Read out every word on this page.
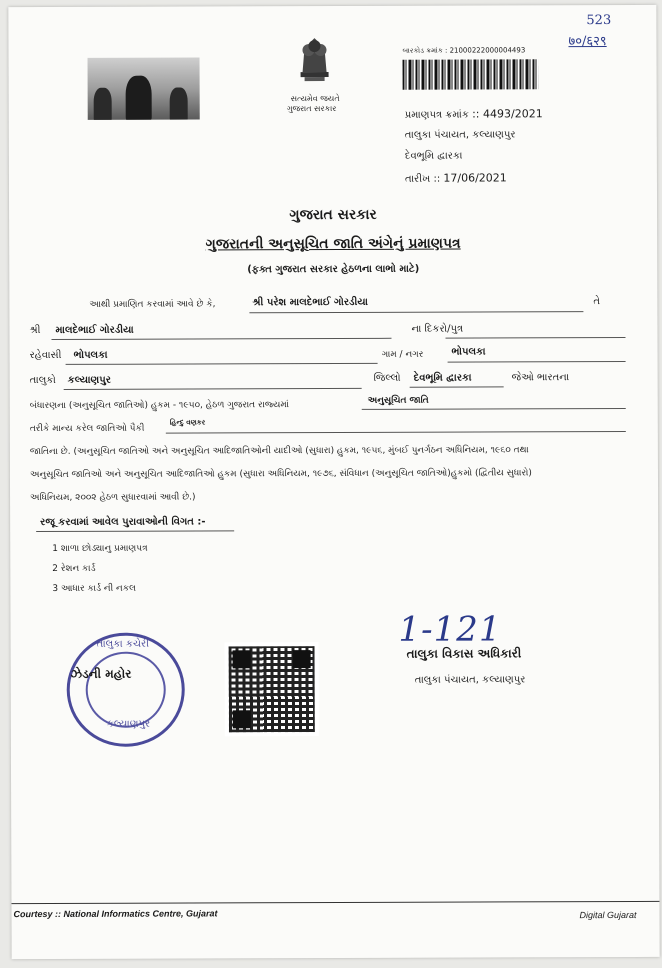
523
७०/६२९
સત્યમેવ જયતે
ગુજરાત સરકાર
બારકોડ ક્રમાંક : 21000222000004493
પ્રમાણપત્ર ક્રમાંક :: 4493/2021
તાલુકા પંચાયત, કલ્યાણપુર
દેવભૂમિ દ્વારકા
તારીખ :: 17/06/2021
ગુજરાત સરકાર
ગુજરાતની અનુસૂચિત જાતિ અંગેનું પ્રમાણપત્ર
(ફક્ત ગુજરાત સરકાર હેઠળના લાભો માટે)
આથી પ્રમાણિત કરવામાં આવે છે કે,	શ્રી પરેશ માલદેભાઈ ગોરડીયા	તે
શ્રી માલદેભાઈ ગોરડીયા	ના દિકરો/પુત્ર
રહેવાસી ભોપલકા	ગામ / નગર	ભોપલકા
તાલુકો કલ્યાણપુર	જિલ્લો દેવભૂમિ દ્વારકા	જેઓ ભારતના
બંધારણના (અનુસૂચિત જાતિઓ) હુકમ - ૧૯૫૦, હેઠળ ગુજરાત રાજ્યમાં	અનુસૂચિત જાતિ
તરીકે માન્ય કરેલ જાતિઓ પૈકી
હિન્દુ વણકર
જાતિના છે. (અનુસૂચિત જાતિઓ અને અનુસૂચિત આદિજાતિઓની યાદીઓ (સુધારા) હુકમ, ૧૯૫૬, મુંબઈ પુનર્ગઠન અધિનિયમ, ૧૯૬૦ તથા
અનુસૂચિત જાતિઓ અને અનુસૂચિત આદિજાતિઓ હુકમ (સુધારા અધિનિયમ, ૧૯૭૬, સંવિધાન (અનુસૂચિત જાતિઓ)હુકમો (દ્વિતીય સુધારો)
અધિનિયમ, ૨૦૦૨ હેઠળ સુધારવામાં આવી છે.)
રજૂ કરવામાં આવેલ પુરાવાઓની વિગત :-
1 શાળા છોડ્યાનુ પ્રમાણપત્ર
2 રેશન કાર્ડ
3 આધાર કાર્ડ ની નકલ
તાલુકા કચેરી
ઝેડની મહોર
કલ્યાણપુર
1-121
તાલુકા વિકાસ અધિકારી
તાલુકા પંચાયત, કલ્યાણપુર
Courtesy :: National Informatics Centre, Gujarat	Digital Gujarat
